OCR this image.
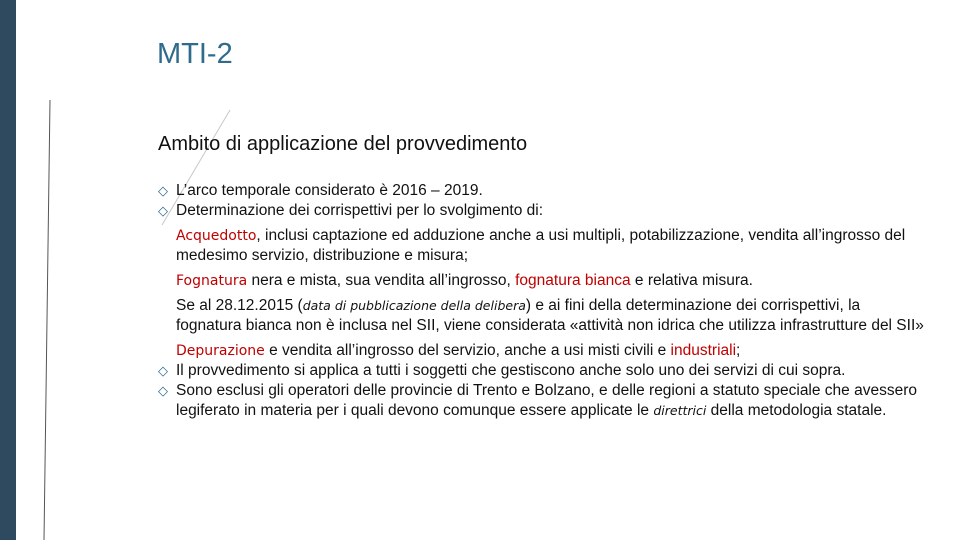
MTI-2
Ambito di applicazione del provvedimento
◇ L’arco temporale considerato è 2016 – 2019.
◇ Determinazione dei corrispettivi per lo svolgimento di:
Acquedotto, inclusi captazione ed adduzione anche a usi multipli, potabilizzazione, vendita all’ingrosso del medesimo servizio, distribuzione e misura;
Fognatura nera e mista, sua vendita all’ingrosso, fognatura bianca e relativa misura.
Se al 28.12.2015 (data di pubblicazione della delibera) e ai fini della determinazione dei corrispettivi, la fognatura bianca non è inclusa nel SII, viene considerata «attività non idrica che utilizza infrastrutture del SII»
Depurazione e vendita all’ingrosso del servizio, anche a usi misti civili e industriali;
◇ Il provvedimento si applica a tutti i soggetti che gestiscono anche solo uno dei servizi di cui sopra.
◇ Sono esclusi gli operatori delle provincie di Trento e Bolzano, e delle regioni a statuto speciale che avessero legiferato in materia per i quali devono comunque essere applicate le direttrici della metodologia statale.
